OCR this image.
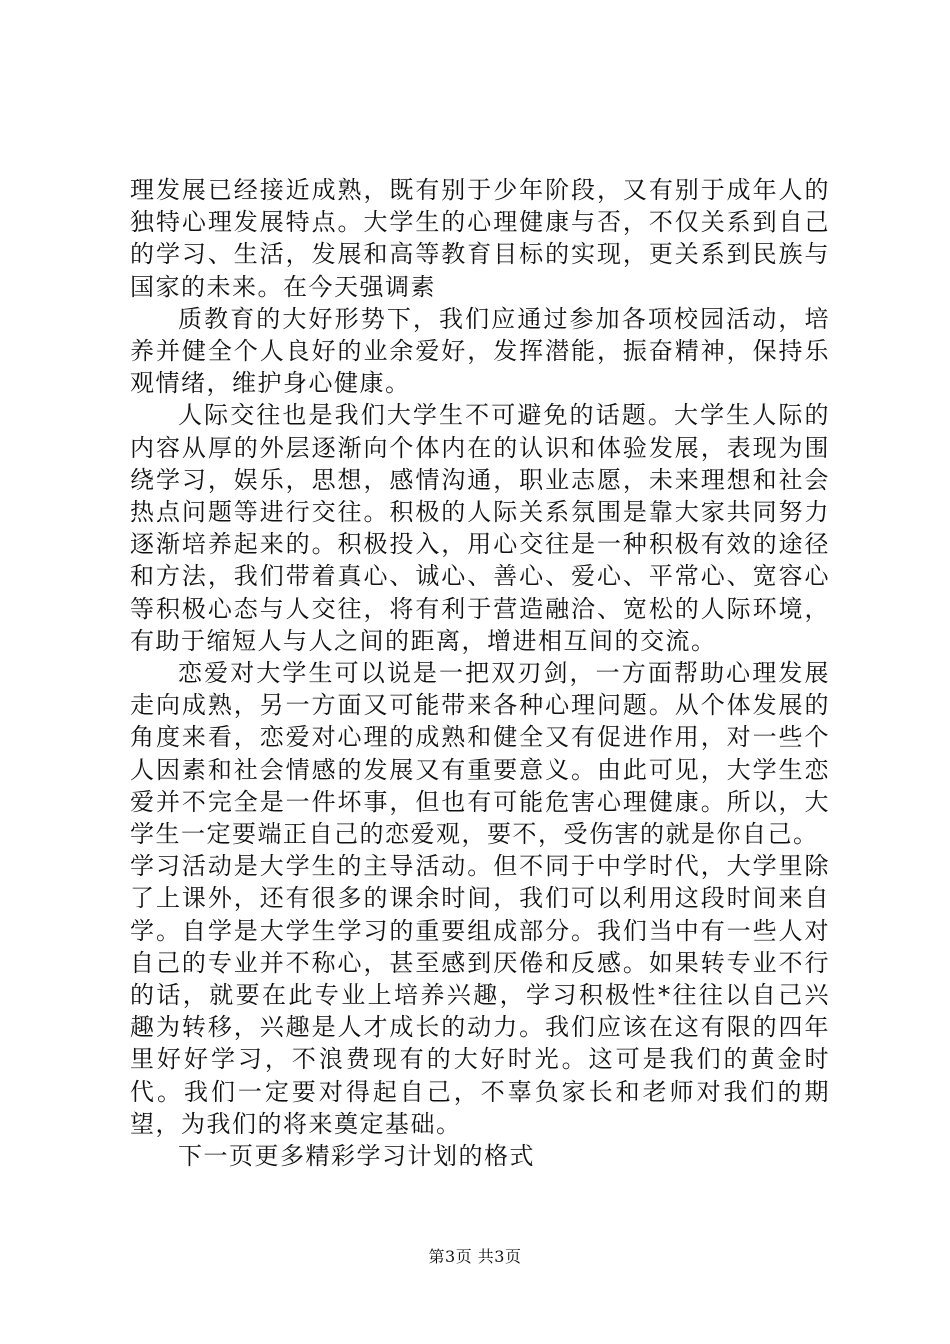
理发展已经接近成熟，既有别于少年阶段，又有别于成年人的独特心理发展特点。大学生的心理健康与否，不仅关系到自己的学习、生活，发展和高等教育目标的实现，更关系到民族与国家的未来。在今天强调素

质教育的大好形势下，我们应通过参加各项校园活动，培养并健全个人良好的业余爱好，发挥潜能，振奋精神，保持乐观情绪，维护身心健康。

人际交往也是我们大学生不可避免的话题。大学生人际的内容从厚的外层逐渐向个体内在的认识和体验发展，表现为围绕学习，娱乐，思想，感情沟通，职业志愿，未来理想和社会热点问题等进行交往。积极的人际关系氛围是靠大家共同努力逐渐培养起来的。积极投入，用心交往是一种积极有效的途径和方法，我们带着真心、诚心、善心、爱心、平常心、宽容心等积极心态与人交往，将有利于营造融洽、宽松的人际环境，有助于缩短人与人之间的距离，增进相互间的交流。

恋爱对大学生可以说是一把双刃剑，一方面帮助心理发展走向成熟，另一方面又可能带来各种心理问题。从个体发展的角度来看，恋爱对心理的成熟和健全又有促进作用，对一些个人因素和社会情感的发展又有重要意义。由此可见，大学生恋爱并不完全是一件坏事，但也有可能危害心理健康。所以，大学生一定要端正自己的恋爱观，要不，受伤害的就是你自己。

学习活动是大学生的主导活动。但不同于中学时代，大学里除了上课外，还有很多的课余时间，我们可以利用这段时间来自学。自学是大学生学习的重要组成部分。我们当中有一些人对自己的专业并不称心，甚至感到厌倦和反感。如果转专业不行的话，就要在此专业上培养兴趣，学习积极性*往往以自己兴趣为转移，兴趣是人才成长的动力。我们应该在这有限的四年里好好学习，不浪费现有的大好时光。这可是我们的黄金时代。我们一定要对得起自己，不辜负家长和老师对我们的期望，为我们的将来奠定基础。

下一页更多精彩学习计划的格式

第3页 共3页
